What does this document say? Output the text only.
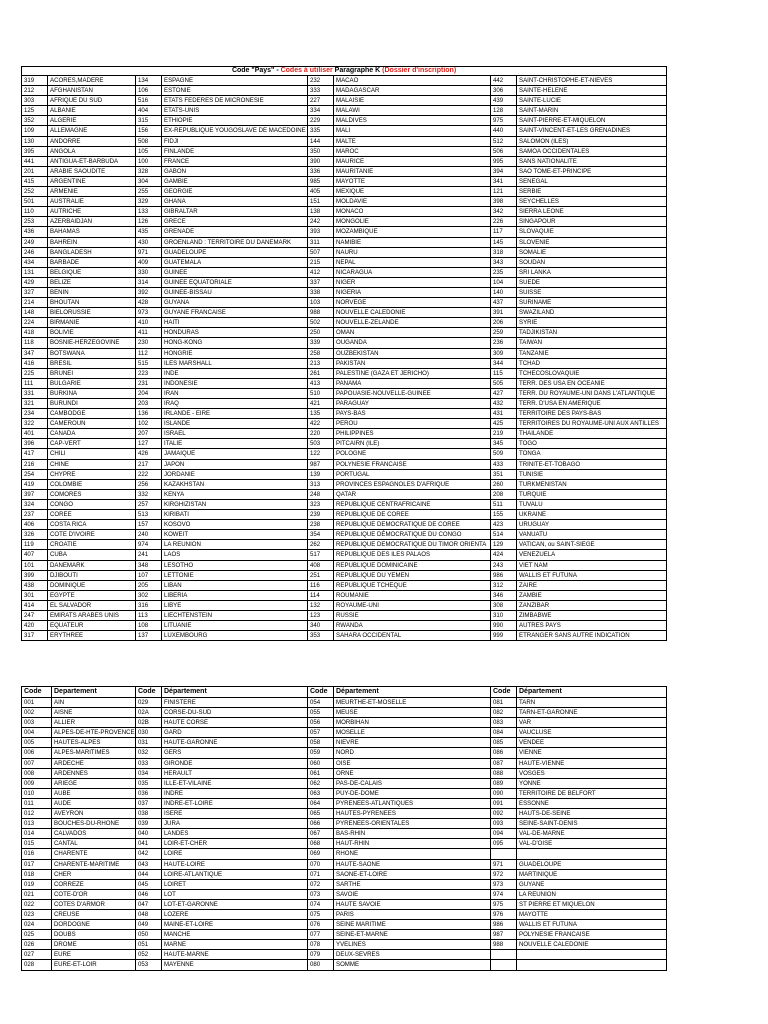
Code "Pays" - Codes à utiliser Paragraphe K (Dossier d'inscription)							
319	ACORES,MADERE	134	ESPAGNE	232	MACAO	442	SAINT-CHRISTOPHE-ET-NIEVES
212	AFGHANISTAN	106	ESTONIE	333	MADAGASCAR	306	SAINTE-HELENE
303	AFRIQUE DU SUD	516	ETATS FEDERES DE MICRONESIE	227	MALAISIE	439	SAINTE-LUCIE
125	ALBANIE	404	ETATS-UNIS	334	MALAWI	128	SAINT-MARIN
352	ALGERIE	315	ETHIOPIE	229	MALDIVES	975	SAINT-PIERRE-ET-MIQUELON
109	ALLEMAGNE	156	EX-REPUBLIQUE YOUGOSLAVE DE MACEDOINE	335	MALI	440	SAINT-VINCENT-ET-LES GRENADINES
130	ANDORRE	508	FIDJI	144	MALTE	512	SALOMON (ILES)
395	ANGOLA	105	FINLANDE	350	MAROC	506	SAMOA OCCIDENTALES
441	ANTIGUA-ET-BARBUDA	100	FRANCE	390	MAURICE	995	SANS NATIONALITE
201	ARABIE SAOUDITE	328	GABON	336	MAURITANIE	394	SAO TOME-ET-PRINCIPE
415	ARGENTINE	304	GAMBIE	985	MAYOTTE	341	SENEGAL
252	ARMENIE	255	GEORGIE	405	MEXIQUE	121	SERBIE
501	AUSTRALIE	329	GHANA	151	MOLDAVIE	398	SEYCHELLES
110	AUTRICHE	133	GIBRALTAR	138	MONACO	342	SIERRA LEONE
253	AZERBAIDJAN	126	GRECE	242	MONGOLIE	226	SINGAPOUR
436	BAHAMAS	435	GRENADE	393	MOZAMBIQUE	117	SLOVAQUIE
249	BAHREIN	430	GROENLAND : TERRITOIRE DU DANEMARK	311	NAMIBIE	145	SLOVENIE
246	BANGLADESH	971	GUADELOUPE	507	NAURU	318	SOMALIE
434	BARBADE	409	GUATEMALA	215	NEPAL	343	SOUDAN
131	BELGIQUE	330	GUINEE	412	NICARAGUA	235	SRI LANKA
429	BELIZE	314	GUINEE EQUATORIALE	337	NIGER	104	SUEDE
327	BENIN	392	GUINEE-BISSAU	338	NIGERIA	140	SUISSE
214	BHOUTAN	428	GUYANA	103	NORVEGE	437	SURINAME
148	BIELORUSSIE	973	GUYANE FRANCAISE	988	NOUVELLE CALEDONIE	391	SWAZILAND
224	BIRMANIE	410	HAITI	502	NOUVELLE-ZELANDE	206	SYRIE
418	BOLIVIE	411	HONDURAS	250	OMAN	259	TADJIKISTAN
118	BOSNIE-HERZEGOVINE	230	HONG-KONG	339	OUGANDA	236	TAIWAN
347	BOTSWANA	112	HONGRIE	258	OUZBEKISTAN	309	TANZANIE
416	BRESIL	515	ILES MARSHALL	213	PAKISTAN	344	TCHAD
225	BRUNEI	223	INDE	261	PALESTINE (GAZA ET JERICHO)	115	TCHECOSLOVAQUIE
111	BULGARIE	231	INDONESIE	413	PANAMA	505	TERR. DES USA EN OCEANIE
331	BURKINA	204	IRAN	510	PAPOUASIE-NOUVELLE-GUINEE	427	TERR. DU ROYAUME-UNI DANS L'ATLANTIQUE
321	BURUNDI	203	IRAQ	421	PARAGUAY	432	TERR. D'USA EN AMERIQUE
234	CAMBODGE	136	IRLANDE - EIRE	135	PAYS-BAS	431	TERRITOIRE DES PAYS-BAS
322	CAMEROUN	102	ISLANDE	422	PEROU	425	TERRITOIRES DU ROYAUME-UNI AUX ANTILLES
401	CANADA	207	ISRAEL	220	PHILIPPINES	219	THAILANDE
396	CAP-VERT	127	ITALIE	503	PITCAIRN (ILE)	345	TOGO
417	CHILI	426	JAMAIQUE	122	POLOGNE	509	TONGA
216	CHINE	217	JAPON	987	POLYNESIE FRANCAISE	433	TRINITE-ET-TOBAGO
254	CHYPRE	222	JORDANIE	139	PORTUGAL	351	TUNISIE
419	COLOMBIE	256	KAZAKHSTAN	313	PROVINCES ESPAGNOLES D'AFRIQUE	260	TURKMENISTAN
397	COMORES	332	KENYA	248	QATAR	208	TURQUIE
324	CONGO	257	KIRGHIZISTAN	323	REPUBLIQUE CENTRAFRICAINE	511	TUVALU
237	COREE	513	KIRIBATI	239	REPUBLIQUE DE COREE	155	UKRAINE
406	COSTA RICA	157	KOSOVO	238	REPUBLIQUE DEMOCRATIQUE DE COREE	423	URUGUAY
326	COTE D'IVOIRE	240	KOWEIT	354	REPUBLIQUE DÉMOCRATIQUE DU CONGO	514	VANUATU
119	CROATIE	974	LA REUNION	262	REPUBLIQUE DEMOCRATIQUE DU TIMOR ORIENTA	129	VATICAN, ou SAINT-SIEGE
407	CUBA	241	LAOS	517	REPUBLIQUE DES ILES PALAOS	424	VENEZUELA
101	DANEMARK	348	LESOTHO	408	REPUBLIQUE DOMINICAINE	243	VIET NAM
399	DJIBOUTI	107	LETTONIE	251	REPUBLIQUE DU YEMEN	986	WALLIS ET FUTUNA
438	DOMINIQUE	205	LIBAN	116	REPUBLIQUE TCHEQUE	312	ZAIRE
301	EGYPTE	302	LIBERIA	114	ROUMANIE	346	ZAMBIE
414	EL SALVADOR	316	LIBYE	132	ROYAUME-UNI	308	ZANZIBAR
247	EMIRATS ARABES UNIS	113	LIECHTENSTEIN	123	RUSSIE	310	ZIMBABWE
420	EQUATEUR	108	LITUANIE	340	RWANDA	990	AUTRES PAYS
317	ERYTHREE	137	LUXEMBOURG	353	SAHARA OCCIDENTAL	999	ETRANGER SANS AUTRE INDICATION
Code	Departement	Code	Département	Code	Département	Code	Département
001	AIN	029	FINISTERE	054	MEURTHE-ET-MOSELLE	081	TARN
002	AISNE	02A	CORSE-DU-SUD	055	MEUSE	082	TARN-ET-GARONNE
003	ALLIER	02B	HAUTE CORSE	056	MORBIHAN	083	VAR
004	ALPES-DE-HTE-PROVENCE	030	GARD	057	MOSELLE	084	VAUCLUSE
005	HAUTES-ALPES	031	HAUTE-GARONNE	058	NIEVRE	085	VENDEE
006	ALPES-MARITIMES	032	GERS	059	NORD	086	VIENNE
007	ARDECHE	033	GIRONDE	060	OISE	087	HAUTE-VIENNE
008	ARDENNES	034	HERAULT	061	ORNE	088	VOSGES
009	ARIEGE	035	ILLE-ET-VILAINE	062	PAS-DE-CALAIS	089	YONNE
010	AUBE	036	INDRE	063	PUY-DE-DOME	090	TERRITOIRE DE BELFORT
011	AUDE	037	INDRE-ET-LOIRE	064	PYRENEES-ATLANTIQUES	091	ESSONNE
012	AVEYRON	038	ISERE	065	HAUTES-PYRENEES	092	HAUTS-DE-SEINE
013	BOUCHES-DU-RHONE	039	JURA	066	PYRENEES-ORIENTALES	093	SEINE-SAINT-DENIS
014	CALVADOS	040	LANDES	067	BAS-RHIN	094	VAL-DE-MARNE
015	CANTAL	041	LOIR-ET-CHER	068	HAUT-RHIN	095	VAL-D'OISE
016	CHARENTE	042	LOIRE	069	RHONE		
017	CHARENTE-MARITIME	043	HAUTE-LOIRE	070	HAUTE-SAONE	971	GUADELOUPE
018	CHER	044	LOIRE-ATLANTIQUE	071	SAONE-ET-LOIRE	972	MARTINIQUE
019	CORREZE	045	LOIRET	072	SARTHE	973	GUYANE
021	COTE-D'OR	046	LOT	073	SAVOIE	974	LA REUNION
022	COTES D'ARMOR	047	LOT-ET-GARONNE	074	HAUTE SAVOIE	975	ST PIERRE ET MIQUELON
023	CREUSE	048	LOZERE	075	PARIS	976	MAYOTTE
024	DORDOGNE	049	MAINE-ET-LOIRE	076	SEINE MARITIME	986	WALLIS ET FUTUNA
025	DOUBS	050	MANCHE	077	SEINE-ET-MARNE	987	POLYNESIE FRANCAISE
026	DROME	051	MARNE	078	YVELINES	988	NOUVELLE CALEDONIE
027	EURE	052	HAUTE-MARNE	079	DEUX-SEVRES		
028	EURE-ET-LOIR	053	MAYENNE	080	SOMME		
